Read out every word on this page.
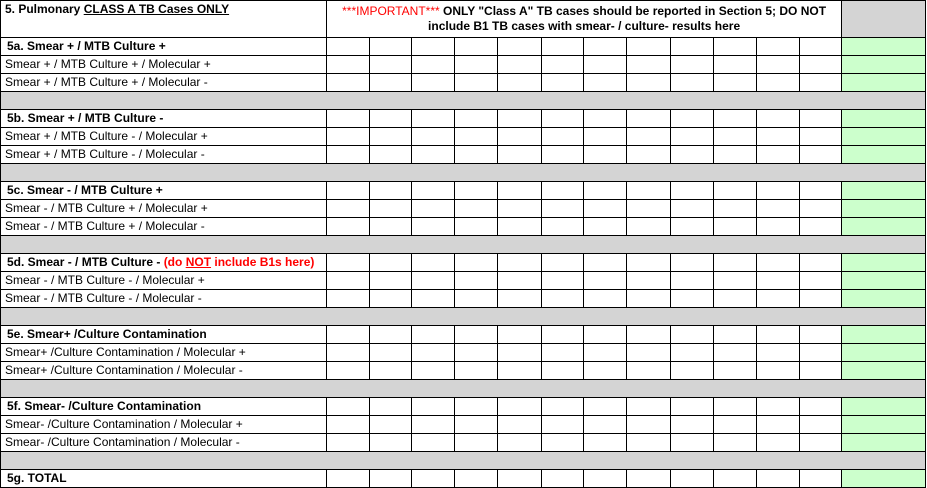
5. Pulmonary CLASS A TB Cases ONLY	***IMPORTANT*** ONLY "Class A" TB cases should be reported in Section 5; DO NOT include B1 TB cases with smear- / culture- results here												
5a. Smear + / MTB Culture +													
Smear + / MTB Culture + / Molecular +													
Smear + / MTB Culture + / Molecular -													

5b. Smear + / MTB Culture -													
Smear + / MTB Culture - / Molecular +													
Smear + / MTB Culture - / Molecular -													

5c. Smear - / MTB Culture +													
Smear - / MTB Culture + / Molecular +													
Smear - / MTB Culture + / Molecular -													

5d. Smear - / MTB Culture - (do NOT include B1s here)													
Smear - / MTB Culture - / Molecular +													
Smear - / MTB Culture - / Molecular -													

5e. Smear+ /Culture Contamination													
Smear+ /Culture Contamination / Molecular +													
Smear+ /Culture Contamination / Molecular -													

5f. Smear- /Culture Contamination													
Smear- /Culture Contamination / Molecular +													
Smear- /Culture Contamination / Molecular -													

5g. TOTAL													
